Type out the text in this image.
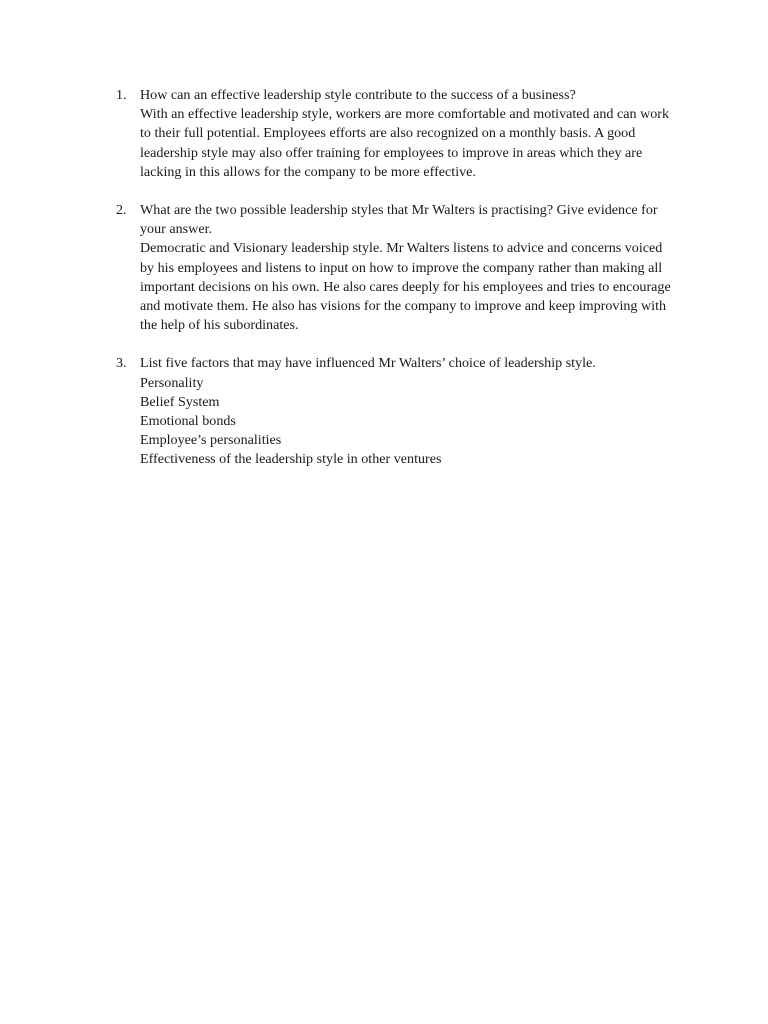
1. How can an effective leadership style contribute to the success of a business?
With an effective leadership style, workers are more comfortable and motivated and can work to their full potential. Employees efforts are also recognized on a monthly basis. A good leadership style may also offer training for employees to improve in areas which they are lacking in this allows for the company to be more effective.
2. What are the two possible leadership styles that Mr Walters is practising? Give evidence for your answer.
Democratic and Visionary leadership style. Mr Walters listens to advice and concerns voiced by his employees and listens to input on how to improve the company rather than making all important decisions on his own. He also cares deeply for his employees and tries to encourage and motivate them. He also has visions for the company to improve and keep improving with the help of his subordinates.
3. List five factors that may have influenced Mr Walters’ choice of leadership style.
Personality
Belief System
Emotional bonds
Employee’s personalities
Effectiveness of the leadership style in other ventures
